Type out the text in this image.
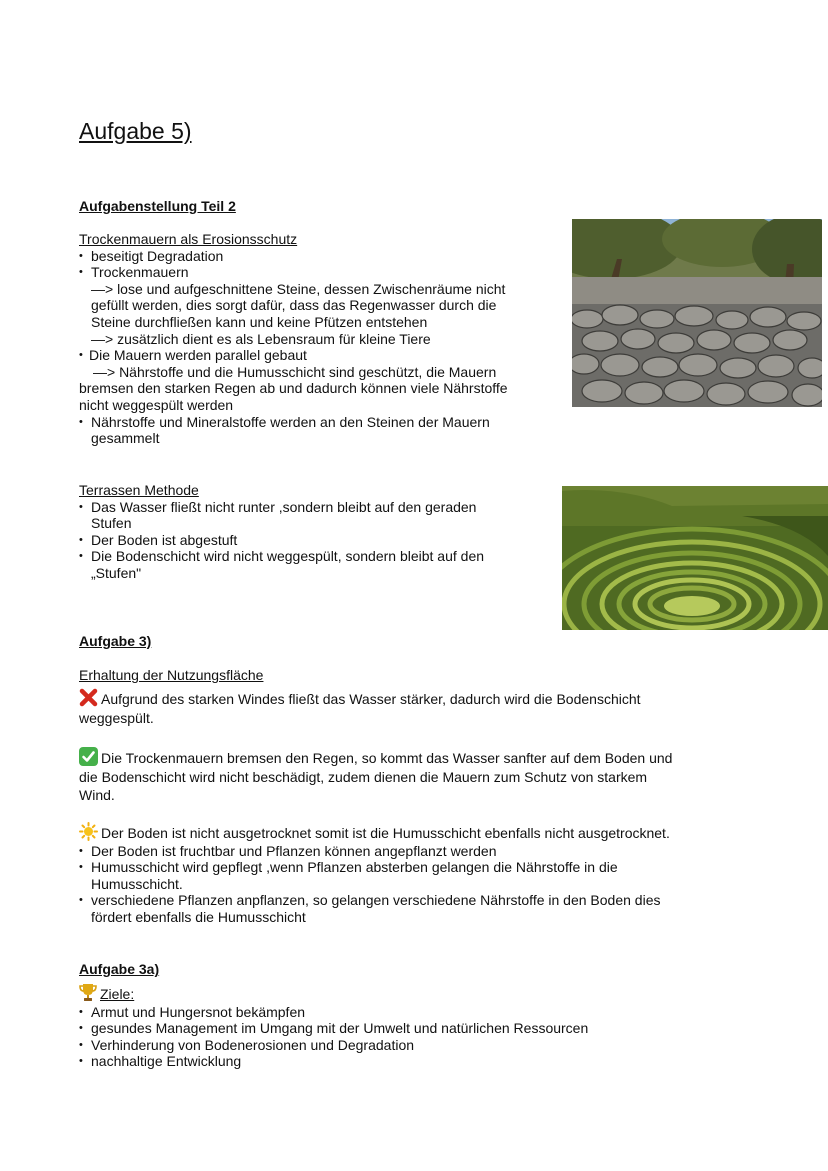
Aufgabe 5)
Aufgabenstellung Teil 2
Trockenmauern als Erosionsschutz
• beseitigt Degradation
• Trockenmauern
—> lose und aufgeschnittene Steine, dessen Zwischenräume nicht
gefüllt werden, dies sorgt dafür, dass das Regenwasser durch die
Steine durchfließen kann und keine Pfützen entstehen
—> zusätzlich dient es als Lebensraum für kleine Tiere
• Die Mauern werden parallel gebaut
—> Nährstoffe und die Humusschicht sind geschützt, die Mauern
bremsen den starken Regen ab und dadurch können viele Nährstoffe
nicht weggespült werden
• Nährstoffe und Mineralstoffe werden an den Steinen der Mauern
gesammelt
Terrassen Methode
• Das Wasser fließt nicht runter ,sondern bleibt auf den geraden
Stufen
• Der Boden ist abgestuft
• Die Bodenschicht wird nicht weggespült, sondern bleibt auf den
„Stufen"
Aufgabe 3)
Erhaltung der Nutzungsfläche
Aufgrund des starken Windes fließt das Wasser stärker, dadurch wird die Bodenschicht
weggespült.
Die Trockenmauern bremsen den Regen, so kommt das Wasser sanfter auf dem Boden und
die Bodenschicht wird nicht beschädigt, zudem dienen die Mauern zum Schutz von starkem
Wind.
Der Boden ist nicht ausgetrocknet somit ist die Humusschicht ebenfalls nicht ausgetrocknet.
• Der Boden ist fruchtbar und Pflanzen können angepflanzt werden
• Humusschicht wird gepflegt ,wenn Pflanzen absterben gelangen die Nährstoffe in die
Humusschicht.
• verschiedene Pflanzen anpflanzen, so gelangen verschiedene Nährstoffe in den Boden dies
fördert ebenfalls die Humusschicht
Aufgabe 3a)
Ziele:
• Armut und Hungersnot bekämpfen
• gesundes Management im Umgang mit der Umwelt und natürlichen Ressourcen
• Verhinderung von Bodenerosionen und Degradation
• nachhaltige Entwicklung
